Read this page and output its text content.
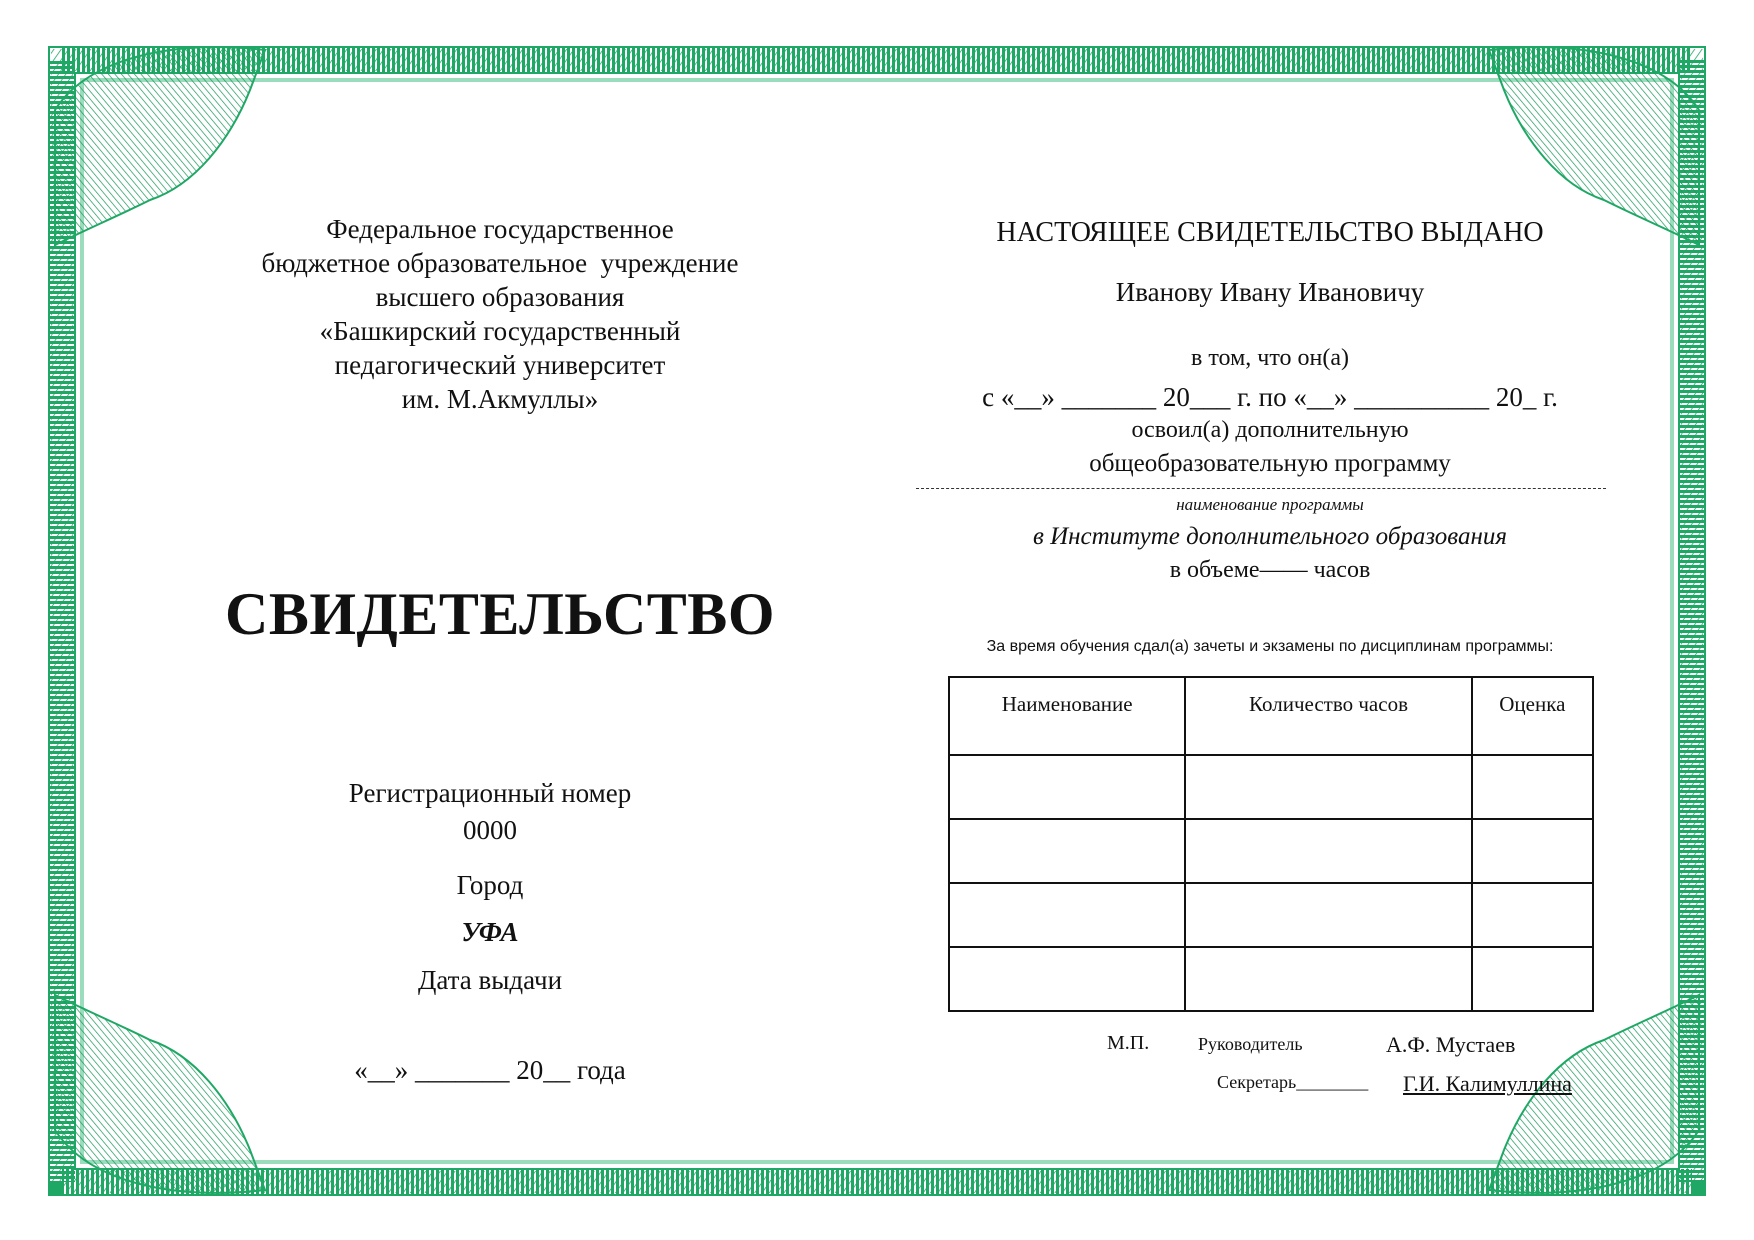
Федеральное государственное
бюджетное образовательное  учреждение
высшего образования
«Башкирский государственный
педагогический университет
им. М.Акмуллы»
СВИДЕТЕЛЬСТВО
Регистрационный номер
0000
Город
УФА
Дата выдачи
«__» _______ 20__ года
НАСТОЯЩЕЕ СВИДЕТЕЛЬСТВО ВЫДАНО
Иванову Ивану Ивановичу
в том, что он(а)
с «__» _______ 20___ г. по «__» __________ 20_ г.
освоил(а) дополнительную
общеобразовательную программу
наименование программы
в Институте дополнительного образования
в объеме—— часов
За время обучения сдал(а) зачеты и экзамены по дисциплинам программы:
Наименование	Количество часов	Оценка

М.П.	Руководитель	А.Ф. Мустаев
Секретарь________ Г.И. Калимуллина
